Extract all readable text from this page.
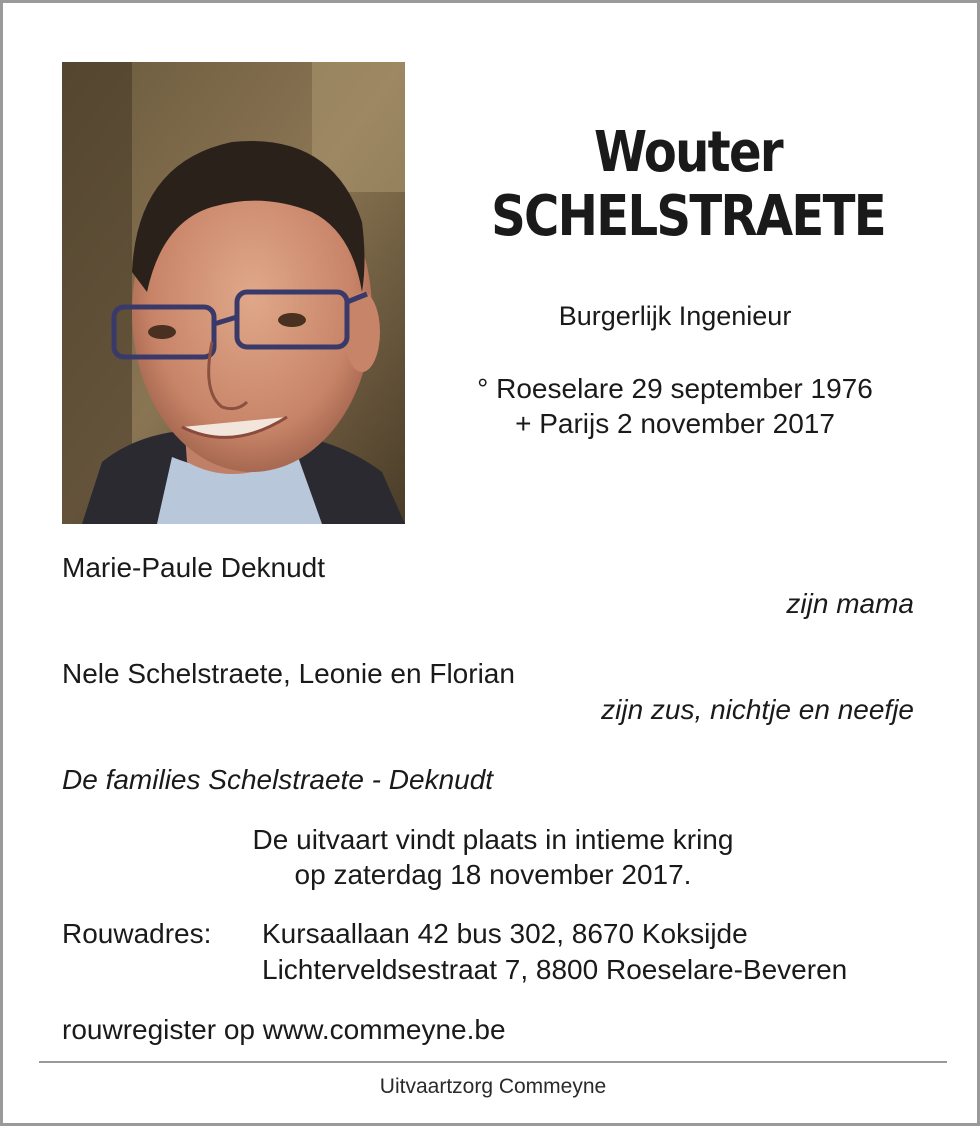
Wouter
SCHELSTRAETE
Burgerlijk Ingenieur
° Roeselare 29 september 1976
+ Parijs 2 november 2017
Marie-Paule Deknudt
zijn mama
Nele Schelstraete, Leonie en Florian
zijn zus, nichtje en neefje
De families Schelstraete - Deknudt
De uitvaart vindt plaats in intieme kring
op zaterdag 18 november 2017.
Rouwadres: Kursaallaan 42 bus 302, 8670 Koksijde
Lichterveldsestraat 7, 8800 Roeselare-Beveren
rouwregister op www.commeyne.be
Uitvaartzorg Commeyne
